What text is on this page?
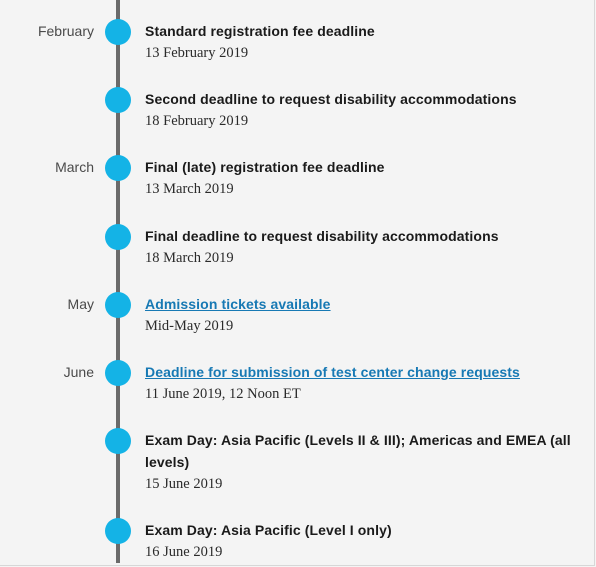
February	Standard registration fee deadline
13 February 2019
Second deadline to request disability accommodations
18 February 2019
March	Final (late) registration fee deadline
13 March 2019
Final deadline to request disability accommodations
18 March 2019
May	Admission tickets available
Mid-May 2019
June	Deadline for submission of test center change requests
11 June 2019, 12 Noon ET
Exam Day: Asia Pacific (Levels II & III); Americas and EMEA (all levels)
15 June 2019
Exam Day: Asia Pacific (Level I only)
16 June 2019
